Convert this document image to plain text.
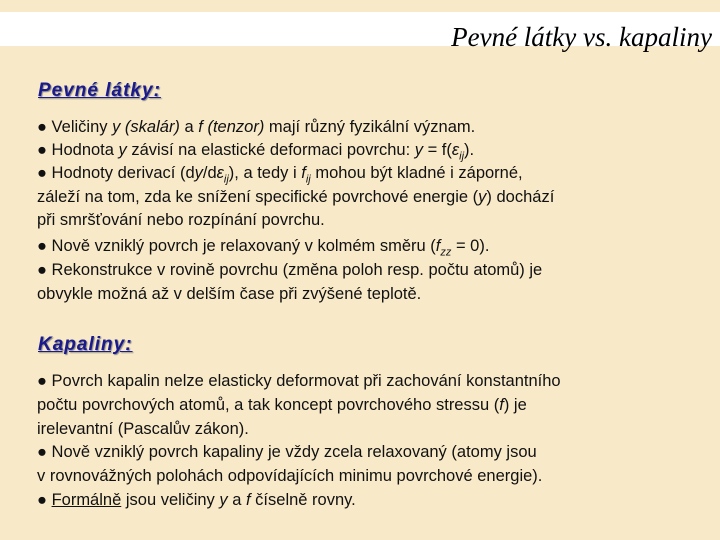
Pevné látky vs. kapaliny
Pevné látky:
● Veličiny y (skalár) a f (tenzor) mají různý fyzikální význam.
● Hodnota y závisí na elastické deformaci povrchu: $y = f(\varepsilon_{ij})$.
● Hodnoty derivací $(dy/d\varepsilon_{ij})$, a tedy i $f_{ij}$ mohou být kladné i záporné,
záleží na tom, zda ke snížení specifické povrchové energie (y) dochází
při smršťování nebo rozpínání povrchu.
● Nově vzniklý povrch je relaxovaný v kolmém směru $(f_{zz} = 0)$.
● Rekonstrukce v rovině povrchu (změna poloh resp. počtu atomů) je
obvykle možná až v delším čase při zvýšené teplotě.
Kapaliny:
● Povrch kapalin nelze elasticky deformovat při zachování konstantního
počtu povrchových atomů, a tak koncept povrchového stressu (f) je
irelevantní (Pascalův zákon).
● Nově vzniklý povrch kapaliny je vždy zcela relaxovaný (atomy jsou
v rovnovážných polohách odpovídajících minimu povrchové energie).
● Formálně jsou veličiny y a f číselně rovny.
